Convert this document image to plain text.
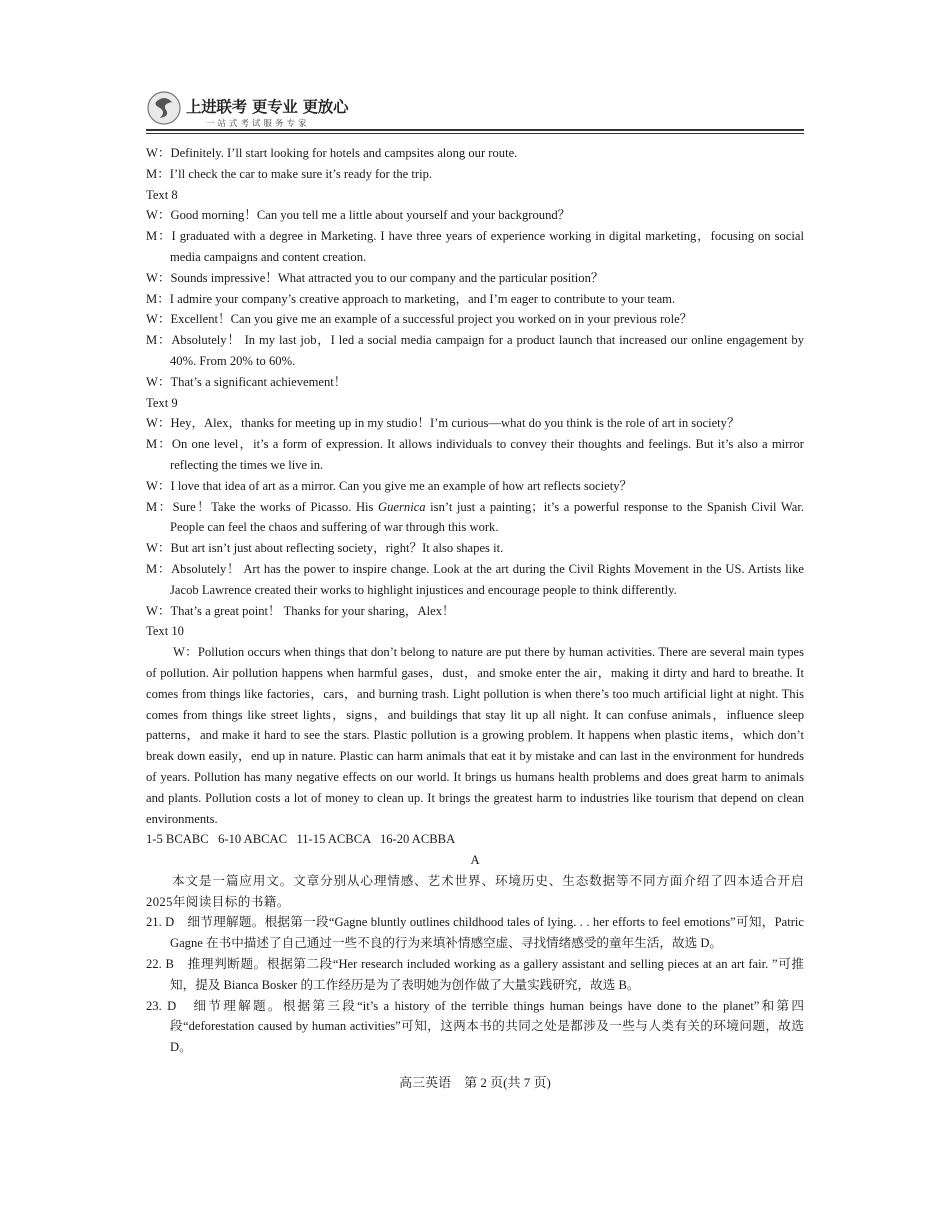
上进联考 更专业 更放心
一站式考试服务专家
W：Definitely. I’ll start looking for hotels and campsites along our route.
M：I’ll check the car to make sure it’s ready for the trip.
Text 8
W：Good morning！Can you tell me a little about yourself and your background？
M：I graduated with a degree in Marketing. I have three years of experience working in digital marketing，focusing on social media campaigns and content creation.
W：Sounds impressive！What attracted you to our company and the particular position？
M：I admire your company’s creative approach to marketing，and I’m eager to contribute to your team.
W：Excellent！Can you give me an example of a successful project you worked on in your previous role？
M：Absolutely！ In my last job，I led a social media campaign for a product launch that increased our online engagement by 40%. From 20% to 60%.
W：That’s a significant achievement！
Text 9
W：Hey，Alex，thanks for meeting up in my studio！I’m curious—what do you think is the role of art in society？
M：On one level，it’s a form of expression. It allows individuals to convey their thoughts and feelings. But it’s also a mirror reflecting the times we live in.
W：I love that idea of art as a mirror. Can you give me an example of how art reflects society？
M：Sure！Take the works of Picasso. His Guernica isn’t just a painting；it’s a powerful response to the Spanish Civil War. People can feel the chaos and suffering of war through this work.
W：But art isn’t just about reflecting society，right？It also shapes it.
M：Absolutely！ Art has the power to inspire change. Look at the art during the Civil Rights Movement in the US. Artists like Jacob Lawrence created their works to highlight injustices and encourage people to think differently.
W：That’s a great point！ Thanks for your sharing，Alex！
Text 10
W：Pollution occurs when things that don’t belong to nature are put there by human activities. There are several main types of pollution. Air pollution happens when harmful gases，dust，and smoke enter the air，making it dirty and hard to breathe. It comes from things like factories，cars，and burning trash. Light pollution is when there’s too much artificial light at night. This comes from things like street lights，signs，and buildings that stay lit up all night. It can confuse animals，influence sleep patterns，and make it hard to see the stars. Plastic pollution is a growing problem. It happens when plastic items，which don’t break down easily，end up in nature. Plastic can harm animals that eat it by mistake and can last in the environment for hundreds of years. Pollution has many negative effects on our world. It brings us humans health problems and does great harm to animals and plants. Pollution costs a lot of money to clean up. It brings the greatest harm to industries like tourism that depend on clean environments.
1-5 BCABC   6-10 ABCAC   11-15 ACBCA   16-20 ACBBA
A
本文是一篇应用文。文章分别从心理情感、艺术世界、环境历史、生态数据等不同方面介绍了四本适合开启2025年阅读目标的书籍。
21. D　细节理解题。根据第一段“Gagne bluntly outlines childhood tales of lying. . . her efforts to feel emotions”可知，Patric Gagne 在书中描述了自己通过一些不良的行为来填补情感空虚、寻找情绪感受的童年生活，故选 D。
22. B　推理判断题。根据第二段“Her research included working as a gallery assistant and selling pieces at an art fair. ”可推知，提及 Bianca Bosker 的工作经历是为了表明她为创作做了大量实践研究，故选 B。
23. D　细节理解题。根据第三段“it’s a history of the terrible things human beings have done to the planet”和第四段“deforestation caused by human activities”可知，这两本书的共同之处是都涉及一些与人类有关的环境问题，故选 D。
高三英语　第 2 页(共 7 页)
